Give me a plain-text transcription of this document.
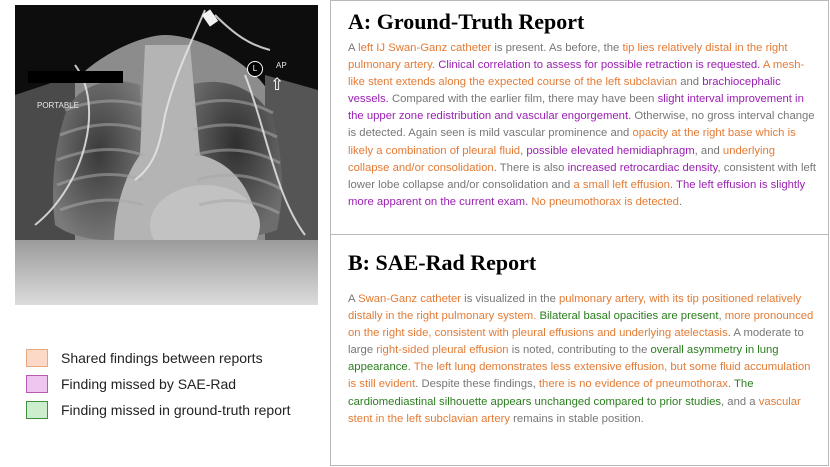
PORTABLE
L	AP
⇧
Shared findings between reports
Finding missed by SAE-Rad
Finding missed in ground-truth report
A: Ground-Truth Report
A left IJ Swan-Ganz catheter is present. As before, the tip lies relatively distal in the right pulmonary artery. Clinical correlation to assess for possible retraction is requested. A mesh-like stent extends along the expected course of the left subclavian and brachiocephalic vessels. Compared with the earlier film, there may have been slight interval improvement in the upper zone redistribution and vascular engorgement. Otherwise, no gross interval change is detected. Again seen is mild vascular prominence and opacity at the right base which is likely a combination of pleural fluid, possible elevated hemidiaphragm, and underlying collapse and/or consolidation. There is also increased retrocardiac density, consistent with left lower lobe collapse and/or consolidation and a small left effusion. The left effusion is slightly more apparent on the current exam. No pneumothorax is detected.
B: SAE-Rad Report
A Swan-Ganz catheter is visualized in the pulmonary artery, with its tip positioned relatively distally in the right pulmonary system. Bilateral basal opacities are present, more pronounced on the right side, consistent with pleural effusions and underlying atelectasis. A moderate to large right-sided pleural effusion is noted, contributing to the overall asymmetry in lung appearance. The left lung demonstrates less extensive effusion, but some fluid accumulation is still evident. Despite these findings, there is no evidence of pneumothorax. The cardiomediastinal silhouette appears unchanged compared to prior studies, and a vascular stent in the left subclavian artery remains in stable position.
